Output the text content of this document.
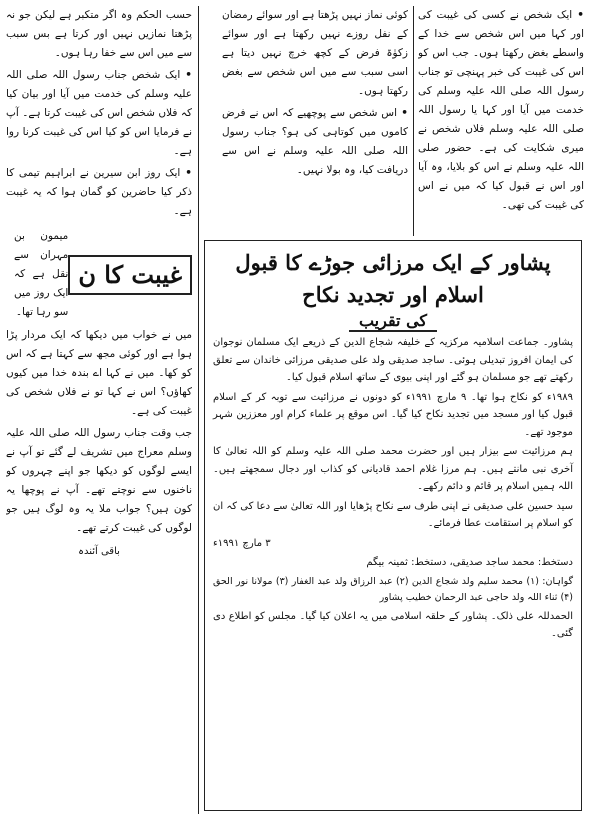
• ایک شخص نے کسی کی غیبت کی اور کہا میں اس شخص سے خدا کے واسطے بغض رکھتا ہوں۔ جب اس کو اس کی غیبت کی خبر پہنچی تو جناب رسول اللہ صلی اللہ علیہ وسلم کی خدمت میں آیا اور کہا یا رسول اللہ صلی اللہ علیہ وسلم فلاں شخص نے میری شکایت کی ہے۔ حضور صلی اللہ علیہ وسلم نے اس کو بلایا، وہ آیا اور اس نے قبول کیا کہ میں نے اس کی غیبت کی تھی۔

کوئی نماز نہیں پڑھتا ہے اور سوائے رمضان کے نفل روزے نہیں رکھتا ہے اور سوائے زکوٰۃ فرض کے کچھ خرچ نہیں دیتا ہے اسی سبب سے میں اس شخص سے بغض رکھتا ہوں۔

• اس شخص سے پوچھیے کہ اس نے فرض کاموں میں کوتاہی کی ہو؟ جناب رسول اللہ صلی اللہ علیہ وسلم نے اس سے دریافت کیا، وہ بولا نہیں۔

حسب الحکم وہ اگر متکبر ہے لیکن جو نہ پڑھتا نمازیں نہیں اور کرتا ہے بس سبب سے میں اس سے خفا رہا ہوں۔

• ایک شخص جناب رسول اللہ صلی اللہ علیہ وسلم کی خدمت میں آیا اور بیان کیا کہ فلاں شخص اس کی غیبت کرتا ہے۔ آپ نے فرمایا اس کو کیا اس کی غیبت کرنا روا ہے۔

• ایک روز ابن سیرین نے ابراہیم تیمی کا ذکر کیا حاضرین کو گمان ہوا کہ یہ غیبت ہے۔

غیبت کا ن
میمون بن مہران سے نقل ہے کہ ایک روز میں سو رہا تھا۔

میں نے خواب میں دیکھا کہ ایک مردار پڑا ہوا ہے اور کوئی مجھ سے کہتا ہے کہ اس کو کھا۔ میں نے کہا اے بندہ خدا میں کیوں کھاؤں؟ اس نے کہا تو نے فلاں شخص کی غیبت کی ہے۔

جب وقت جناب رسول اللہ صلی اللہ علیہ وسلم معراج میں تشریف لے گئے تو آپ نے ایسے لوگوں کو دیکھا جو اپنے چہروں کو ناخنوں سے نوچتے تھے۔ آپ نے پوچھا یہ کون ہیں؟ جواب ملا یہ وہ لوگ ہیں جو لوگوں کی غیبت کرتے تھے۔

باقی آئندہ
پشاور کے ایک مرزائی جوڑے کا قبول اسلام اور تجدید نکاح
کی تقریب

پشاور۔ جماعت اسلامیہ مرکزیہ کے خلیفہ شجاع الدین کے ذریعے ایک مسلمان نوجوان کی ایمان افروز تبدیلی ہوئی۔ ساجد صدیقی ولد علی صدیقی مرزائی خاندان سے تعلق رکھتے تھے جو مسلمان ہو گئے اور اپنی بیوی کے ساتھ اسلام قبول کیا۔

۱۹۸۹ء کو نکاح ہوا تھا۔ ۹ مارچ ۱۹۹۱ء کو دونوں نے مرزائیت سے توبہ کر کے اسلام قبول کیا اور مسجد میں تجدید نکاح کیا گیا۔ اس موقع پر علماء کرام اور معززین شہر موجود تھے۔

ہم مرزائیت سے بیزار ہیں اور حضرت محمد صلی اللہ علیہ وسلم کو اللہ تعالیٰ کا آخری نبی مانتے ہیں۔ ہم مرزا غلام احمد قادیانی کو کذاب اور دجال سمجھتے ہیں۔ اللہ ہمیں اسلام پر قائم و دائم رکھے۔

سید حسین علی صدیقی نے اپنی طرف سے نکاح پڑھایا اور اللہ تعالیٰ سے دعا کی کہ ان کو اسلام پر استقامت عطا فرمائے۔

۳ مارچ ۱۹۹۱ء

دستخط: محمد ساجد صدیقی، دستخط: ثمینہ بیگم

گواہان: (۱) محمد سلیم ولد شجاع الدین (۲) عبد الرزاق ولد عبد الغفار (۳) مولانا نور الحق (۴) ثناء اللہ ولد حاجی عبد الرحمان خطیب پشاور

الحمدللہ علی ذلک۔ پشاور کے حلقہ اسلامی میں یہ اعلان کیا گیا۔ مجلس کو اطلاع دی گئی۔
